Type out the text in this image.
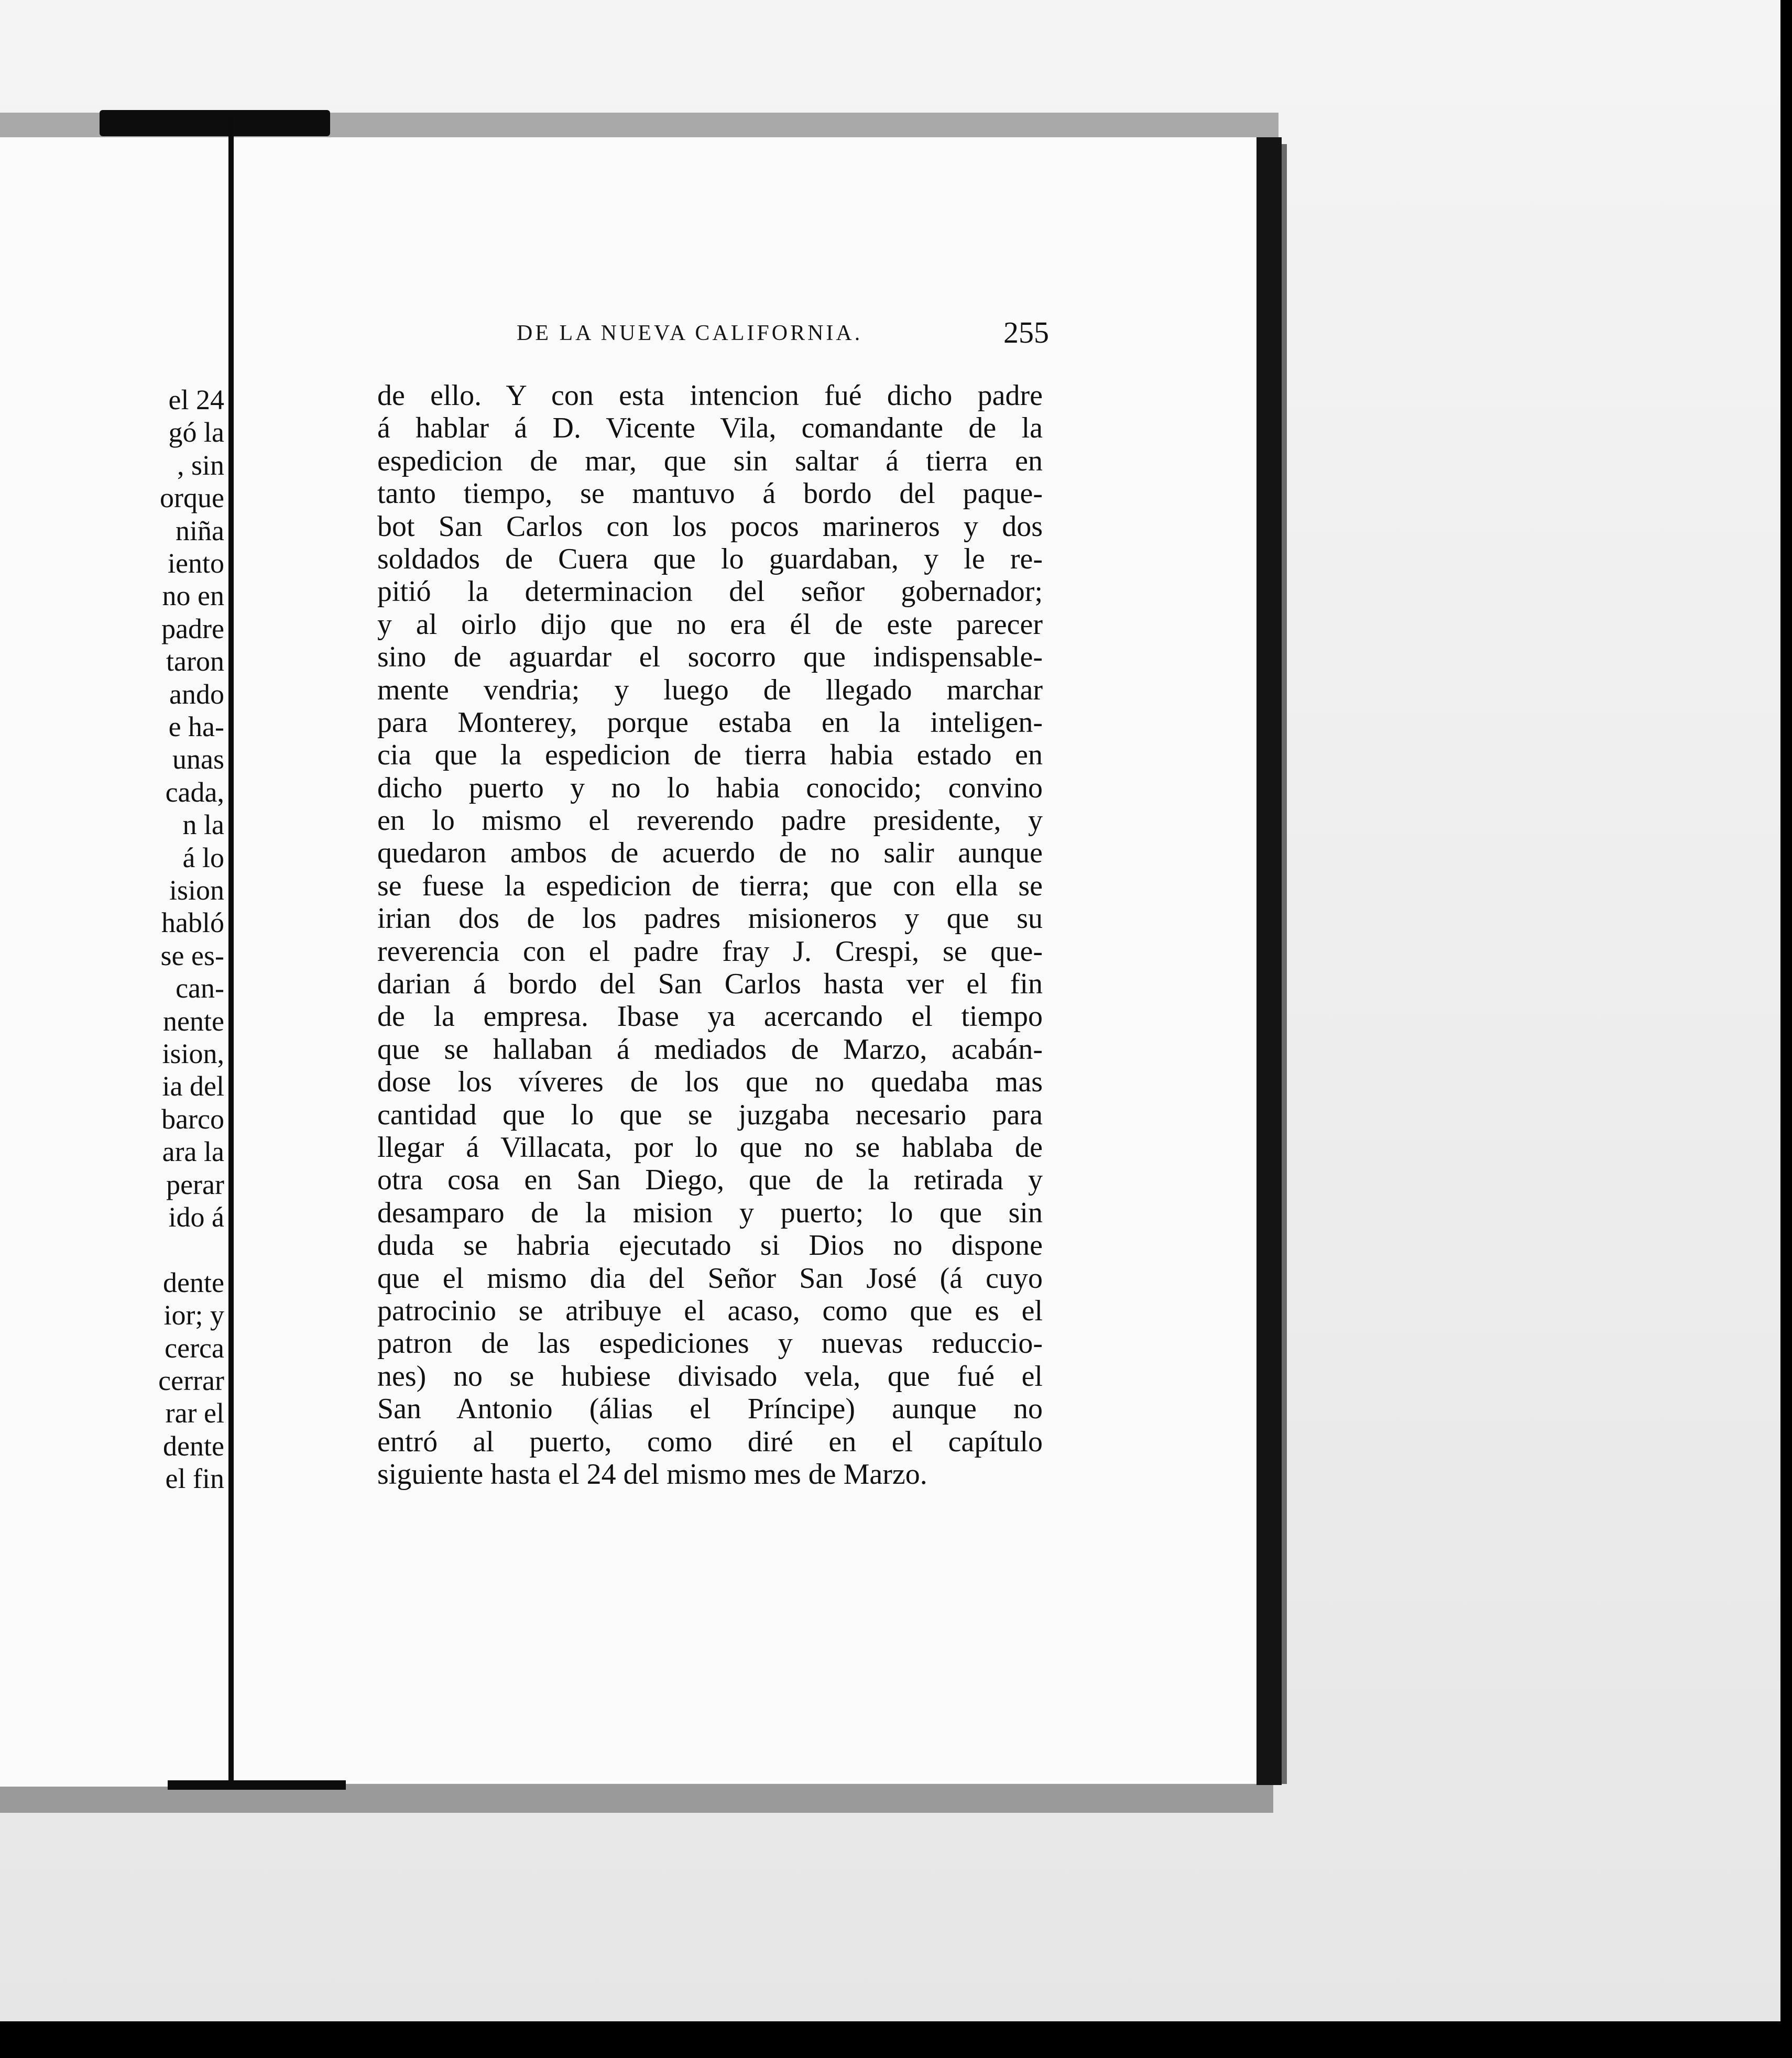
el 24
gó la
, sin
orque
niña
iento
no en
padre
taron
ando
e ha-
unas
cada,
n la
á lo
ision
habló
se es-
can-
nente
ision,
ia del
barco
ara la
perar
ido á
dente
ior; y
cerca
cerrar
rar el
dente
el fin
DE LA NUEVA CALIFORNIA.	255
de ello. Y con esta intencion fué dicho padre
á hablar á D. Vicente Vila, comandante de la
espedicion de mar, que sin saltar á tierra en
tanto tiempo, se mantuvo á bordo del paque-
bot San Carlos con los pocos marineros y dos
soldados de Cuera que lo guardaban, y le re-
pitió la determinacion del señor gobernador;
y al oirlo dijo que no era él de este parecer
sino de aguardar el socorro que indispensable-
mente vendria; y luego de llegado marchar
para Monterey, porque estaba en la inteligen-
cia que la espedicion de tierra habia estado en
dicho puerto y no lo habia conocido; convino
en lo mismo el reverendo padre presidente, y
quedaron ambos de acuerdo de no salir aunque
se fuese la espedicion de tierra; que con ella se
irian dos de los padres misioneros y que su
reverencia con el padre fray J. Crespi, se que-
darian á bordo del San Carlos hasta ver el fin
de la empresa. Ibase ya acercando el tiempo
que se hallaban á mediados de Marzo, acabán-
dose los víveres de los que no quedaba mas
cantidad que lo que se juzgaba necesario para
llegar á Villacata, por lo que no se hablaba de
otra cosa en San Diego, que de la retirada y
desamparo de la mision y puerto; lo que sin
duda se habria ejecutado si Dios no dispone
que el mismo dia del Señor San José (á cuyo
patrocinio se atribuye el acaso, como que es el
patron de las espediciones y nuevas reduccio-
nes) no se hubiese divisado vela, que fué el
San Antonio (álias el Príncipe) aunque no
entró al puerto, como diré en el capítulo
siguiente hasta el 24 del mismo mes de Marzo.
